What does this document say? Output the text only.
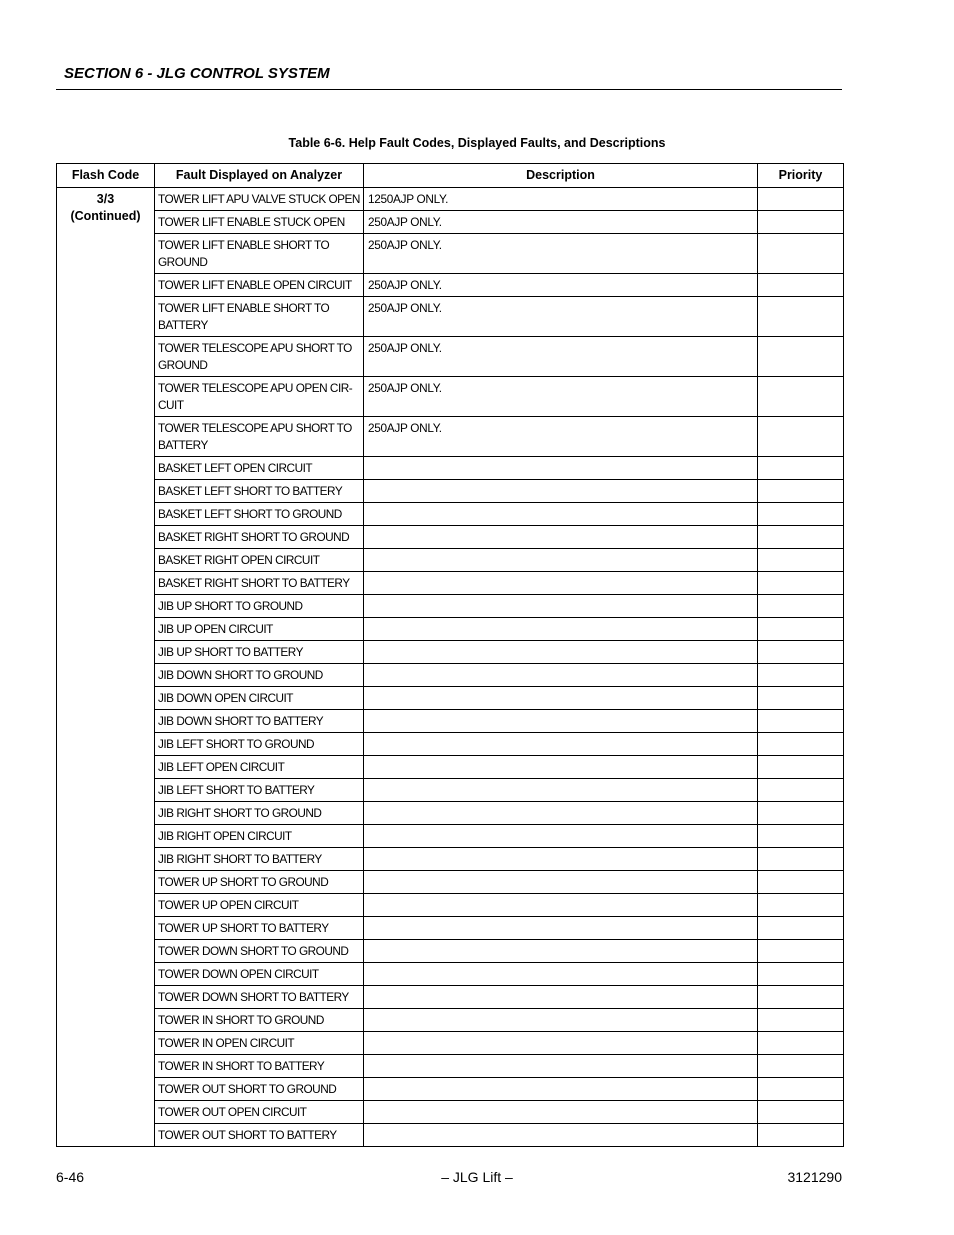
SECTION 6 - JLG CONTROL SYSTEM
Table 6-6. Help Fault Codes, Displayed Faults, and Descriptions
Flash Code	Fault Displayed on Analyzer	Description	Priority

3/3
(Continued)	TOWER LIFT APU VALVE STUCK OPEN	1250AJP ONLY.	
	TOWER LIFT ENABLE STUCK OPEN	250AJP ONLY.	
	TOWER LIFT ENABLE SHORT TO GROUND	250AJP ONLY.	
	TOWER LIFT ENABLE OPEN CIRCUIT	250AJP ONLY.	
	TOWER LIFT ENABLE SHORT TO BATTERY	250AJP ONLY.	
	TOWER TELESCOPE APU SHORT TO GROUND	250AJP ONLY.	
	TOWER TELESCOPE APU OPEN CIR-CUIT	250AJP ONLY.	
	TOWER TELESCOPE APU SHORT TO BATTERY	250AJP ONLY.	
	BASKET LEFT OPEN CIRCUIT		
	BASKET LEFT SHORT TO BATTERY		
	BASKET LEFT SHORT TO GROUND		
	BASKET RIGHT SHORT TO GROUND		
	BASKET RIGHT OPEN CIRCUIT		
	BASKET RIGHT SHORT TO BATTERY		
	JIB UP SHORT TO GROUND		
	JIB UP OPEN CIRCUIT		
	JIB UP SHORT TO BATTERY		
	JIB DOWN SHORT TO GROUND		
	JIB DOWN OPEN CIRCUIT		
	JIB DOWN SHORT TO BATTERY		
	JIB LEFT SHORT TO GROUND		
	JIB LEFT OPEN CIRCUIT		
	JIB LEFT SHORT TO BATTERY		
	JIB RIGHT SHORT TO GROUND		
	JIB RIGHT OPEN CIRCUIT		
	JIB RIGHT SHORT TO BATTERY		
	TOWER UP SHORT TO GROUND		
	TOWER UP OPEN CIRCUIT		
	TOWER UP SHORT TO BATTERY		
	TOWER DOWN SHORT TO GROUND		
	TOWER DOWN OPEN CIRCUIT		
	TOWER DOWN SHORT TO BATTERY		
	TOWER IN SHORT TO GROUND		
	TOWER IN OPEN CIRCUIT		
	TOWER IN SHORT TO BATTERY		
	TOWER OUT SHORT TO GROUND		
	TOWER OUT OPEN CIRCUIT		
	TOWER OUT SHORT TO BATTERY		
6-46	– JLG Lift –	3121290
